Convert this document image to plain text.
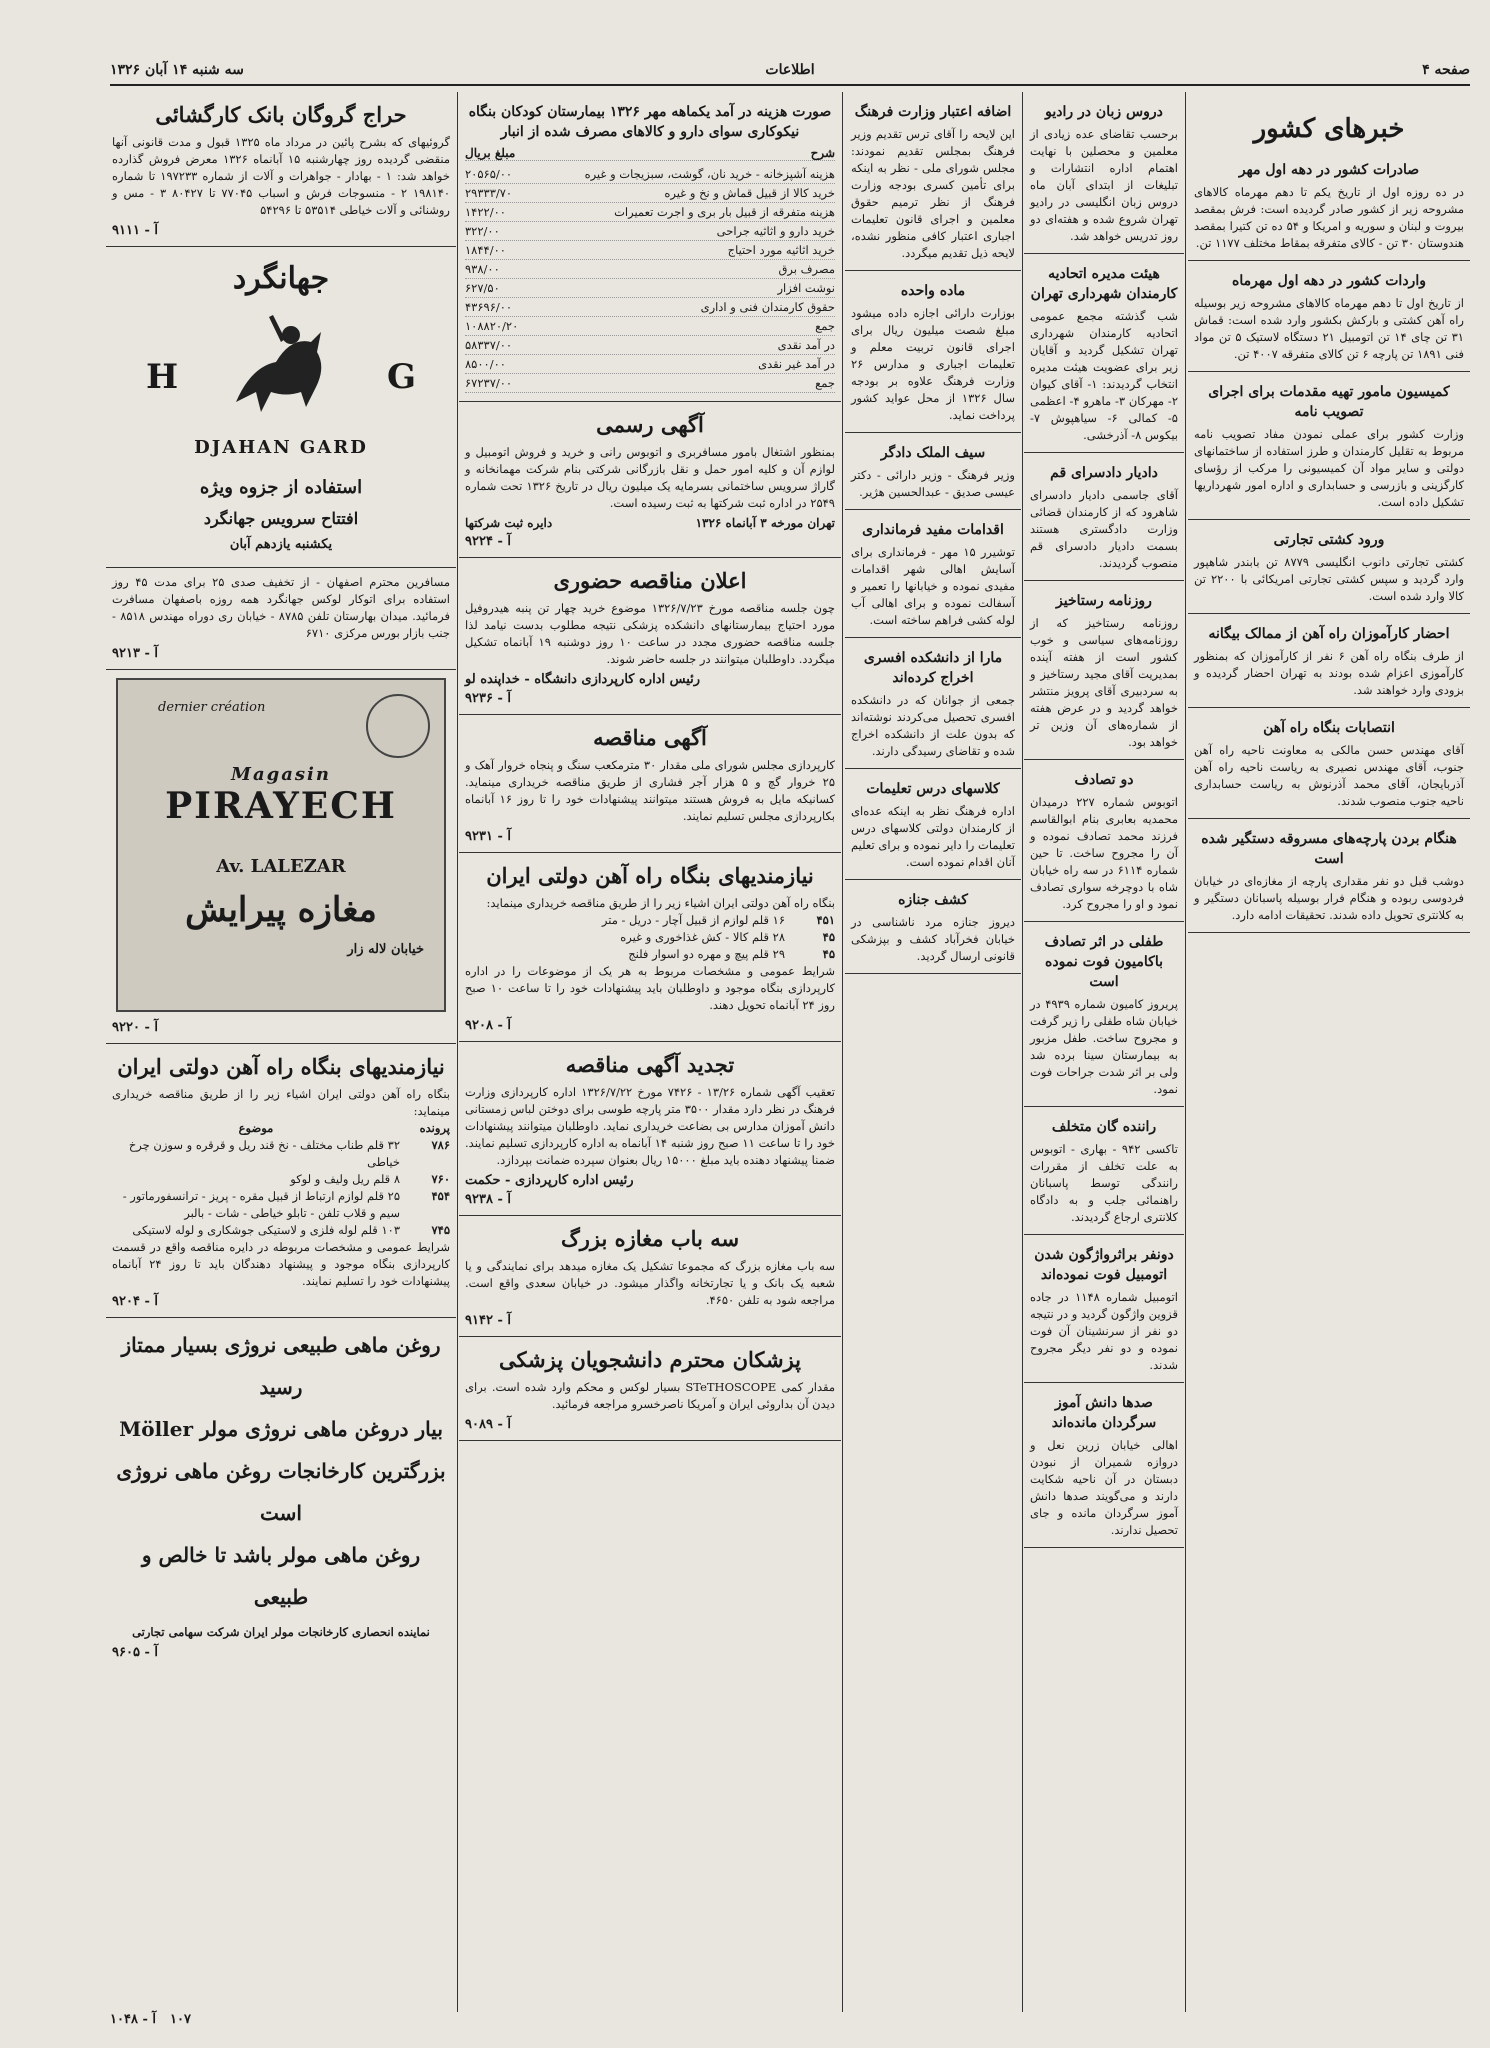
صفحه ۴
اطلاعات
سه شنبه ۱۴ آبان ۱۳۲۶
خبرهای کشور
صادرات کشور در دهه اول مهر

در ده روزه اول از تاریخ یکم تا دهم مهرماه کالاهای مشروحه زیر از کشور صادر گردیده است: فرش بمقصد بیروت و لبنان و سوریه و امریکا و ۵۴ ده تن کتیرا بمقصد هندوستان ۳۰ تن - کالای متفرقه بمقاط مختلف ۱۱۷۷ تن.

واردات کشور در دهه اول مهرماه

از تاریخ اول تا دهم مهرماه کالاهای مشروحه زیر بوسیله راه آهن کشتی و بارکش بکشور وارد شده است: قماش ۳۱ تن چای ۱۴ تن اتومبیل ۲۱ دستگاه لاستیک ۵ تن مواد فنی ۱۸۹۱ تن پارچه ۶ تن کالای متفرقه ۴۰۰۷ تن.

کمیسیون مامور تهیه مقدمات برای اجرای تصویب نامه

وزارت کشور برای عملی نمودن مفاد تصویب نامه مربوط به تقلیل کارمندان و طرز استفاده از ساختمانهای دولتی و سایر مواد آن کمیسیونی را مرکب از رؤسای کارگزینی و بازرسی و حسابداری و اداره امور شهرداریها تشکیل داده است.

ورود کشتی تجارتی

کشتی تجارتی دانوب انگلیسی ۸۷۷۹ تن بابندر شاهپور وارد گردید و سپس کشتی تجارتی امریکائی با ۲۲۰۰ تن کالا وارد شده است.

احضار کارآموزان راه آهن از ممالک بیگانه

از طرف بنگاه راه آهن ۶ نفر از کارآموزان که بمنظور کارآموزی اعزام شده بودند به تهران احضار گردیده و بزودی وارد خواهند شد.

انتصابات بنگاه راه آهن

آقای مهندس حسن مالکی به معاونت ناحیه راه آهن جنوب، آقای مهندس نصیری به ریاست ناحیه راه آهن آذربایجان، آقای محمد آذرنوش به ریاست حسابداری ناحیه جنوب منصوب شدند.

هنگام بردن پارچه‌های مسروقه دستگیر شده است

دوشب قبل دو نفر مقداری پارچه از مغازه‌ای در خیابان فردوسی ربوده و هنگام فرار بوسیله پاسبانان دستگیر و به کلانتری تحویل داده شدند. تحقیقات ادامه دارد.

دروس زبان در رادیو

برحسب تقاضای عده زیادی از معلمین و محصلین با نهایت اهتمام اداره انتشارات و تبلیغات از ابتدای آبان ماه دروس زبان انگلیسی در رادیو تهران شروع شده و هفته‌ای دو روز تدریس خواهد شد.

هیئت مدیره اتحادیه کارمندان شهرداری تهران

شب گذشته مجمع عمومی اتحادیه کارمندان شهرداری تهران تشکیل گردید و آقایان زیر برای عضویت هیئت مدیره انتخاب گردیدند: ۱- آقای کیوان ۲- مهرکان ۳- ماهرو ۴- اعظمی ۵- کمالی ۶- سیاهپوش ۷- بیکوس ۸- آذرخشی.

دادیار دادسرای قم

آقای جاسمی دادیار دادسرای شاهرود که از کارمندان قضائی وزارت دادگستری هستند بسمت دادیار دادسرای قم منصوب گردیدند.

روزنامه رستاخیز

روزنامه رستاخیز که از روزنامه‌های سیاسی و خوب کشور است از هفته آینده بمدیریت آقای مجید رستاخیز و به سردبیری آقای پرویز منتشر خواهد گردید و در عرض هفته از شماره‌های آن وزین تر خواهد بود.

دو تصادف

اتوبوس شماره ۲۲۷ درمیدان محمدیه بعابری بنام ابوالقاسم فرزند محمد تصادف نموده و آن را مجروح ساخت. تا حین شماره ۶۱۱۴ در سه راه خیابان شاه با دوچرخه سواری تصادف نمود و او را مجروح کرد.

طفلی در اثر تصادف باکامیون فوت نموده است

پریروز کامیون شماره ۴۹۳۹ در خیابان شاه طفلی را زیر گرفت و مجروح ساخت. طفل مزبور به بیمارستان سینا برده شد ولی بر اثر شدت جراحات فوت نمود.

راننده گان متخلف

تاکسی ۹۴۲ - بهاری - اتوبوس به علت تخلف از مقررات رانندگی توسط پاسبانان راهنمائی جلب و به دادگاه کلانتری ارجاع گردیدند.

دونفر براثرواژگون شدن اتومبیل فوت نموده‌اند

اتومبیل شماره ۱۱۴۸ در جاده قزوین واژگون گردید و در نتیجه دو نفر از سرنشینان آن فوت نموده و دو نفر دیگر مجروح شدند.

صدها دانش آموز سرگردان مانده‌اند

اهالی خیابان زرین نعل و دروازه شمیران از نبودن دبستان در آن ناحیه شکایت دارند و می‌گویند صدها دانش آموز سرگردان مانده و جای تحصیل ندارند.

اضافه اعتبار وزارت فرهنگ

این لایحه را آقای ترس تقدیم وزیر فرهنگ بمجلس تقدیم نمودند: مجلس شورای ملی - نظر به اینکه برای تأمین کسری بودجه وزارت فرهنگ از نظر ترمیم حقوق معلمین و اجرای قانون تعلیمات اجباری اعتبار کافی منظور نشده، لایحه ذیل تقدیم میگردد.

ماده واحده

بوزارت دارائی اجازه داده میشود مبلغ شصت میلیون ریال برای اجرای قانون تربیت معلم و تعلیمات اجباری و مدارس ۲۶ وزارت فرهنگ علاوه بر بودجه سال ۱۳۲۶ از محل عواید کشور پرداخت نماید.

سیف الملک دادگر

وزیر فرهنگ - وزیر دارائی - دکتر عیسی صدیق - عبدالحسین هژیر.

اقدامات مفید فرمانداری

توشیرر ۱۵ مهر - فرمانداری برای آسایش اهالی شهر اقدامات مفیدی نموده و خیابانها را تعمیر و آسفالت نموده و برای اهالی آب لوله کشی فراهم ساخته است.

مارا از دانشکده افسری اخراج کرده‌اند

جمعی از جوانان که در دانشکده افسری تحصیل می‌کردند نوشته‌اند که بدون علت از دانشکده اخراج شده و تقاضای رسیدگی دارند.

کلاسهای درس تعلیمات

اداره فرهنگ نظر به اینکه عده‌ای از کارمندان دولتی کلاسهای درس تعلیمات را دایر نموده و برای تعلیم آنان اقدام نموده است.

کشف جنازه

دیروز جنازه مرد ناشناسی در خیابان فخرآباد کشف و بپزشکی قانونی ارسال گردید.

صورت هزینه در آمد یکماهه مهر ۱۳۲۶ بیمارستان کودکان بنگاه نیکوکاری سوای دارو و کالاهای مصرف شده از انبار
شرح
مبلغ بریال
هزینه آشپزخانه - خرید نان، گوشت، سبزیجات و غیره
۲۰۵۶۵/۰۰
خرید کالا از قبیل قماش و نخ و غیره
۲۹۳۳۳/۷۰
هزینه متفرقه از قبیل بار بری و اجرت تعمیرات
۱۴۲۲/۰۰
خرید دارو و اثاثیه جراحی
۳۲۲/۰۰
خرید اثاثیه مورد احتیاج
۱۸۴۴/۰۰
مصرف برق
۹۳۸/۰۰
نوشت افزار
۶۲۷/۵۰
حقوق کارمندان فنی و اداری
۴۳۶۹۶/۰۰
جمع
۱۰۸۸۲۰/۲۰
در آمد نقدی
۵۸۳۳۷/۰۰
در آمد غیر نقدی
۸۵۰۰/۰۰
جمع
۶۷۲۳۷/۰۰
آگهی رسمی

بمنظور اشتغال بامور مسافربری و اتوبوس رانی و خرید و فروش اتومبیل و لوازم آن و کلیه امور حمل و نقل بازرگانی شرکتی بنام شرکت مهمانخانه و گاراژ سرویس ساختمانی بسرمایه یک میلیون ریال در تاریخ ۱۳۲۶ تحت شماره ۲۵۴۹ در اداره ثبت شرکتها به ثبت رسیده است.

تهران مورخه ۳ آبانماه ۱۳۲۶
دایره ثبت شرکتها
آ - ۹۲۲۴
اعلان مناقصه حضوری

چون جلسه مناقصه مورخ ۱۳۲۶/۷/۲۳ موضوع خرید چهار تن پنبه هیدروفیل مورد احتیاج بیمارستانهای دانشکده پزشکی نتیجه مطلوب بدست نیامد لذا جلسه مناقصه حضوری مجدد در ساعت ۱۰ روز دوشنبه ۱۹ آبانماه تشکیل میگردد. داوطلبان میتوانند در جلسه حاضر شوند.

رئیس اداره کارپردازی دانشگاه - خداپنده لو
آ - ۹۲۳۶
آگهی مناقصه

کارپردازی مجلس شورای ملی مقدار ۳۰ مترمکعب سنگ و پنجاه خروار آهک و ۲۵ خروار گچ و ۵ هزار آجر فشاری از طریق مناقصه خریداری مینماید. کسانیکه مایل به فروش هستند میتوانند پیشنهادات خود را تا روز ۱۶ آبانماه بکارپردازی مجلس تسلیم نمایند.

آ - ۹۲۳۱
نیازمندیهای بنگاه راه آهن دولتی ایران

بنگاه راه آهن دولتی ایران اشیاء زیر را از طریق مناقصه خریداری مینماید:

۴۵۱
۱۶ قلم لوازم از قبیل آچار - دریل - متر
۴۵
۲۸ قلم کالا - کش غذاخوری و غیره
۴۵
۲۹ قلم پیچ و مهره دو اسوار فلنج

شرایط عمومی و مشخصات مربوط به هر یک از موضوعات را در اداره کارپردازی بنگاه موجود و داوطلبان باید پیشنهادات خود را تا ساعت ۱۰ صبح روز ۲۴ آبانماه تحویل دهند.

آ - ۹۲۰۸
تجدید آگهی مناقصه

تعقیب آگهی شماره ۱۳/۲۶ - ۷۴۲۶ مورخ ۱۳۲۶/۷/۲۲ اداره کارپردازی وزارت فرهنگ در نظر دارد مقدار ۳۵۰۰ متر پارچه طوسی برای دوختن لباس زمستانی دانش آموزان مدارس بی بضاعت خریداری نماید. داوطلبان میتوانند پیشنهادات خود را تا ساعت ۱۱ صبح روز شنبه ۱۴ آبانماه به اداره کارپردازی تسلیم نمایند. ضمنا پیشنهاد دهنده باید مبلغ ۱۵۰۰۰ ریال بعنوان سپرده ضمانت بپردازد.

رئیس اداره کارپردازی - حکمت
آ - ۹۲۳۸
سه باب مغازه بزرگ

سه باب مغازه بزرگ که مجموعا تشکیل یک مغازه میدهد برای نمایندگی و یا شعبه یک بانک و یا تجارتخانه واگذار میشود. در خیابان سعدی واقع است. مراجعه شود به تلفن ۴۶۵۰.

آ - ۹۱۴۲
پزشکان محترم دانشجویان پزشکی

مقدار کمی STeTHOSCOPE بسیار لوکس و محکم وارد شده است. برای دیدن آن بداروئی ایران و آمریکا ناصرخسرو مراجعه فرمائید.

آ - ۹۰۸۹
حراج گروگان بانک کارگشائی

گروئیهای که بشرح پائین در مرداد ماه ۱۳۲۵ قبول و مدت قانونی آنها منقضی گردیده روز چهارشنبه ۱۵ آبانماه ۱۳۲۶ معرض فروش گذارده خواهد شد: ۱ - بهادار - جواهرات و آلات از شماره ۱۹۷۲۳۳ تا شماره ۱۹۸۱۴۰ ۲ - منسوجات فرش و اسباب ۷۷۰۴۵ تا ۸۰۴۲۷ ۳ - مس و روشنائی و آلات خیاطی ۵۳۵۱۴ تا ۵۴۲۹۶

آ - ۹۱۱۱
جهانگرد
G
H
DJAHAN GARD
استفاده از جزوه ویژه
افتتاح سرویس جهانگرد
یکشنبه یازدهم آبان

مسافرین محترم اصفهان - از تخفیف صدی ۲۵ برای مدت ۴۵ روز استفاده برای اتوکار لوکس جهانگرد همه روزه باصفهان مسافرت فرمائید. میدان بهارستان تلفن ۸۷۸۵ - خیابان ری دوراه مهندس ۸۵۱۸ - جنب بازار بورس مرکزی ۶۷۱۰

آ - ۹۲۱۳
dernier création
Magasin
PIRAYECH
Av. LALEZAR
مغازه پیرایش
خیابان لاله زار
آ - ۹۲۲۰
نیازمندیهای بنگاه راه آهن دولتی ایران

بنگاه راه آهن دولتی ایران اشیاء زیر را از طریق مناقصه خریداری مینماید:

پرونده
موضوع
۷۸۶
۳۲ قلم طناب مختلف - نخ قند ریل و قرقره و سوزن چرخ خیاطی
۷۶۰
۸ قلم ریل ولیف و لوکو
۴۵۴
۲۵ قلم لوازم ارتباط از قبیل مقره - پریز - ترانسفورماتور - سیم و قلاب تلفن - تابلو خیاطی - شات - بالبر
۷۴۵
۱۰۳ قلم لوله فلزی و لاستیکی جوشکاری و لوله لاستیکی

شرایط عمومی و مشخصات مربوطه در دایره مناقصه واقع در قسمت کارپردازی بنگاه موجود و پیشنهاد دهندگان باید تا روز ۲۴ آبانماه پیشنهادات خود را تسلیم نمایند.

آ - ۹۲۰۴
روغن ماهی طبیعی نروژی بسیار ممتاز رسید
بیار دروغن ماهی نروژی مولر Möller
بزرگترین کارخانجات روغن ماهی نروژی است
روغن ماهی مولر باشد تا خالص و طبیعی
نماینده انحصاری کارخانجات مولر ایران شرکت سهامی تجارتی
آ - ۹۶۰۵
آ - ۱۰۴۸ ۱۰۷
